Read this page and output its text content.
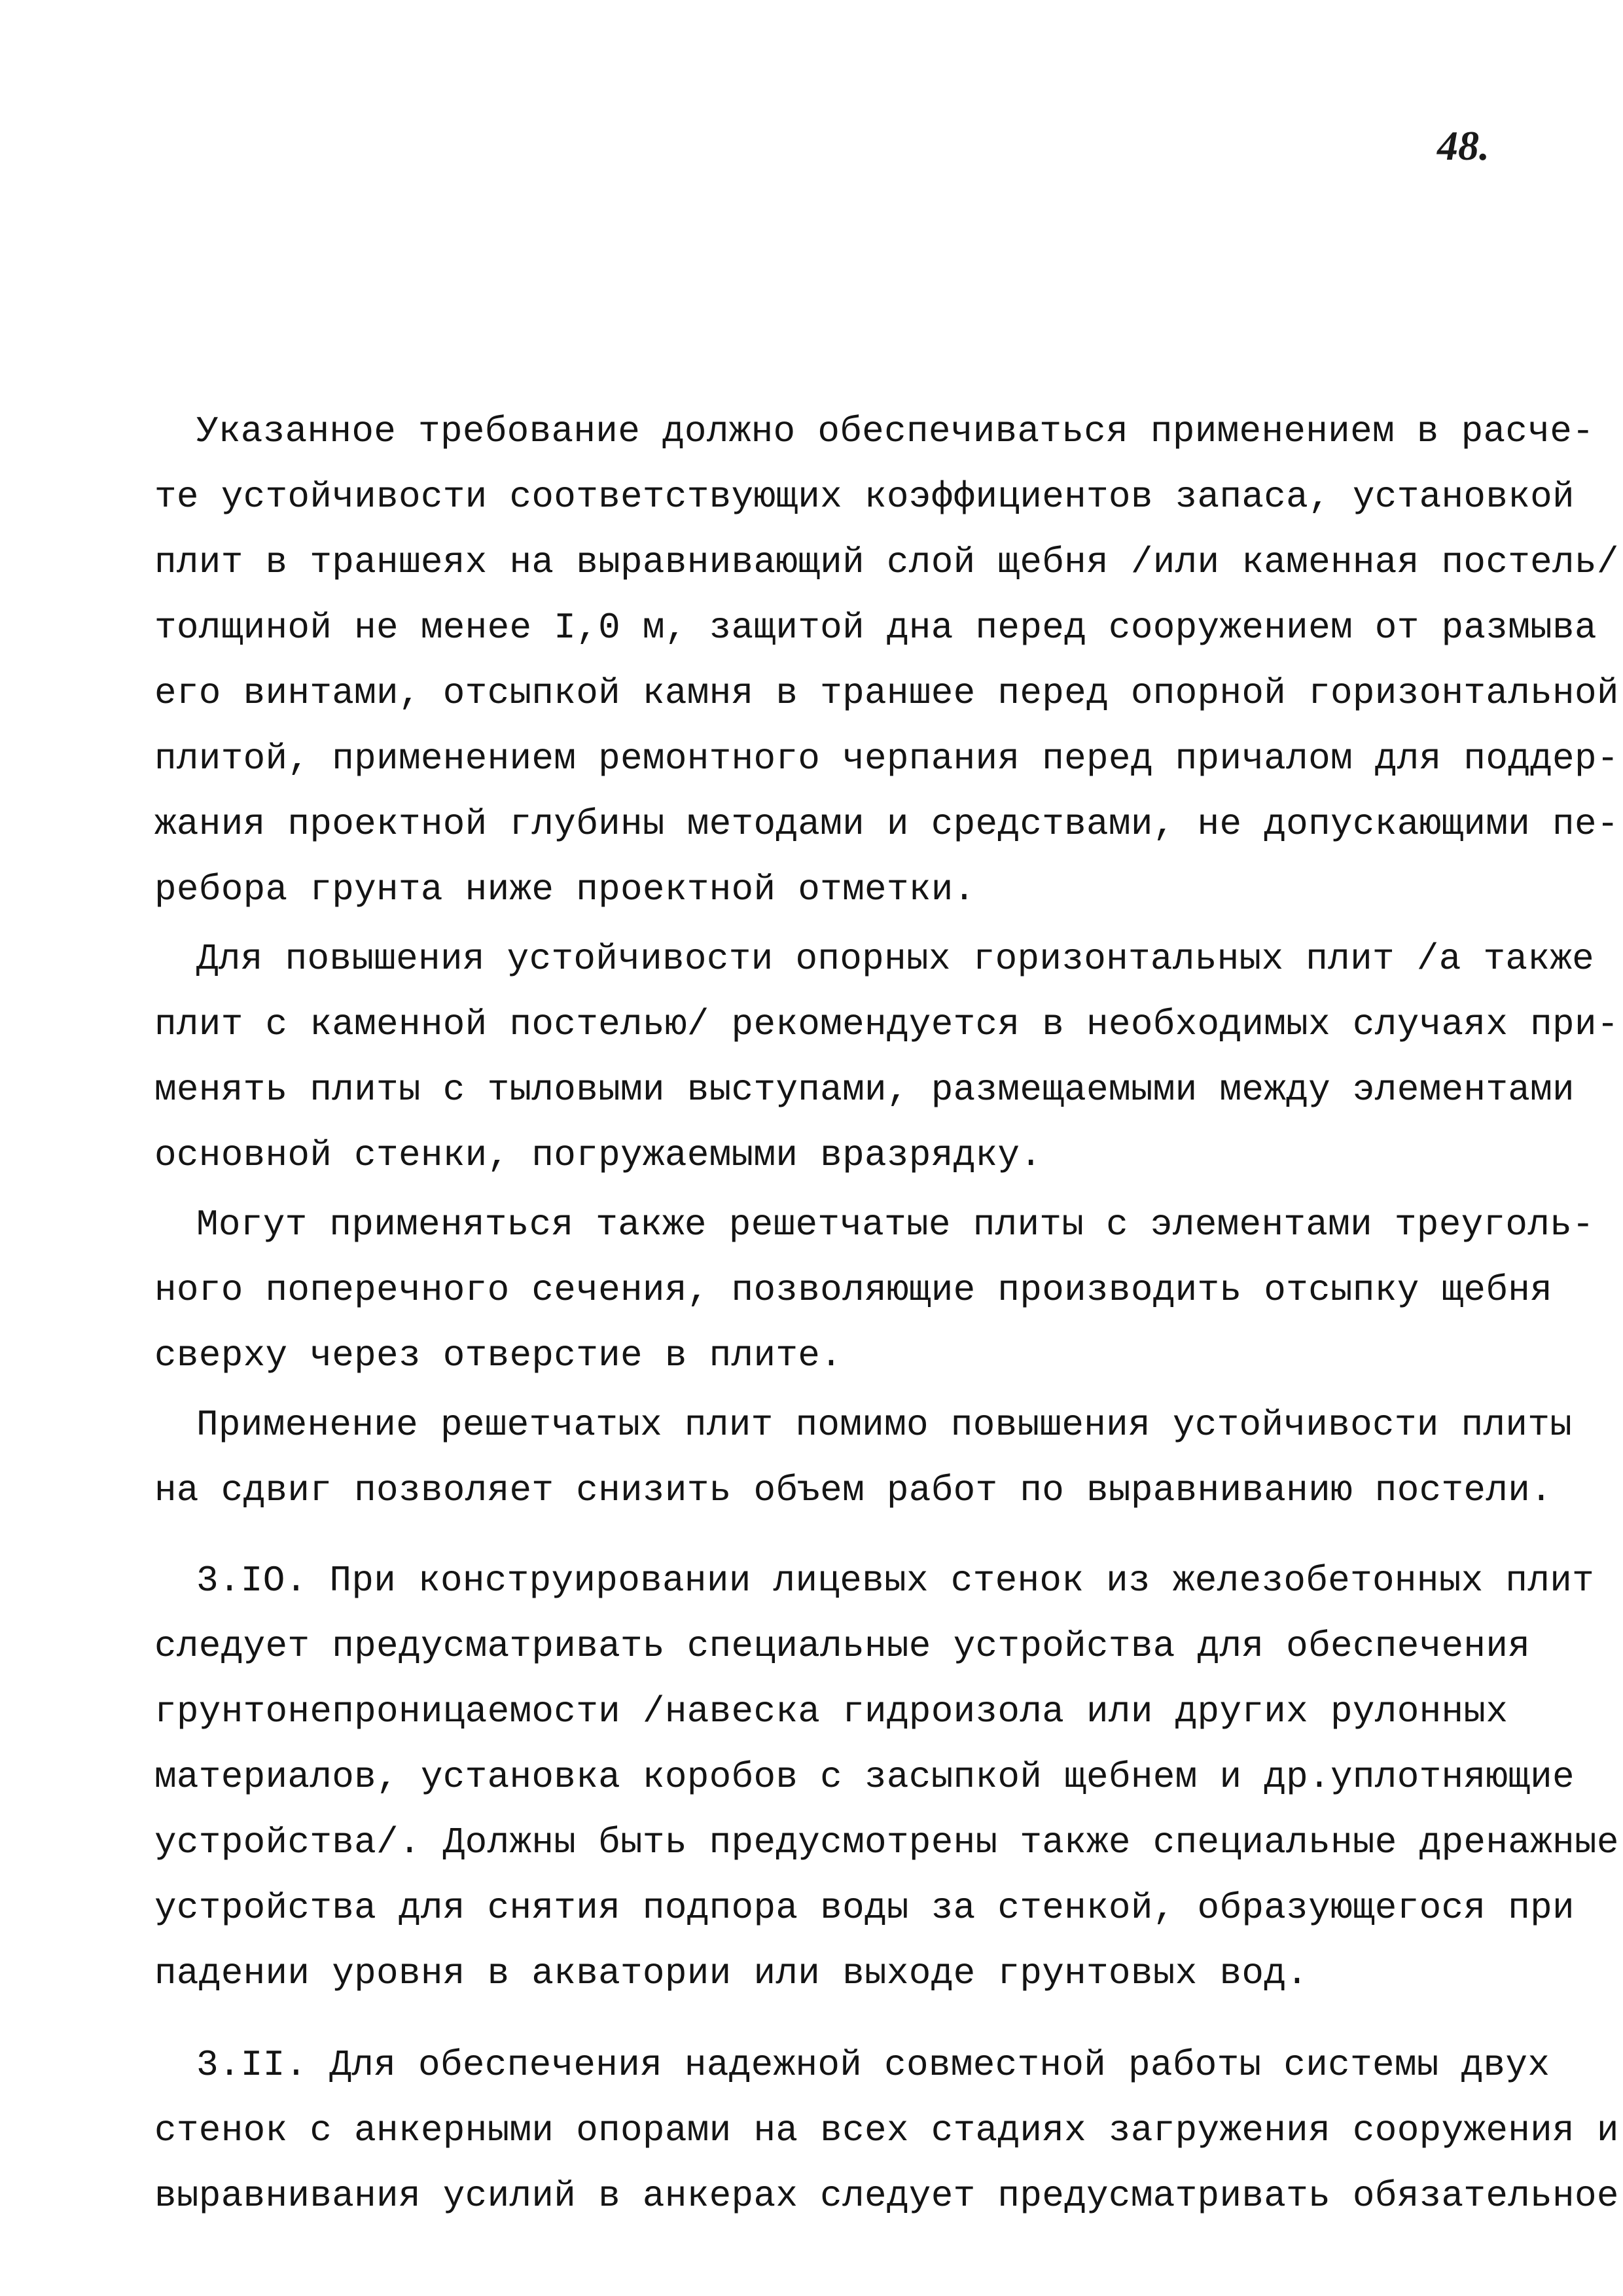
48.
Указанное требование должно обеспечиваться применением в расче-
те устойчивости соответствующих коэффициентов запаса, установкой
плит в траншеях на выравнивающий слой щебня /или каменная постель/
толщиной не менее I,0 м, защитой дна перед сооружением от размыва
его винтами, отсыпкой камня в траншее перед опорной горизонтальной
плитой, применением ремонтного черпания перед причалом для поддер-
жания проектной глубины методами и средствами, не допускающими пе-
ребора грунта ниже проектной отметки.
Для повышения устойчивости опорных горизонтальных плит /а также
плит с каменной постелью/ рекомендуется в необходимых случаях при-
менять плиты с тыловыми выступами, размещаемыми между элементами
основной стенки, погружаемыми вразрядку.
Могут применяться также решетчатые плиты с элементами треуголь-
ного поперечного сечения, позволяющие производить отсыпку щебня
сверху через отверстие в плите.
Применение решетчатых плит помимо повышения устойчивости плиты
на сдвиг позволяет снизить объем работ по выравниванию постели.
3.IO. При конструировании лицевых стенок из железобетонных плит
следует предусматривать специальные устройства для обеспечения
грунтонепроницаемости /навеска гидроизола или других рулонных
материалов, установка коробов с засыпкой щебнем и др.уплотняющие
устройства/. Должны быть предусмотрены также специальные дренажные
устройства для снятия подпора воды за стенкой, образующегося при
падении уровня в акватории или выходе грунтовых вод.
3.II. Для обеспечения надежной совместной работы системы двух
стенок с анкерными опорами на всех стадиях загружения сооружения и
выравнивания усилий в анкерах следует предусматривать обязательное
